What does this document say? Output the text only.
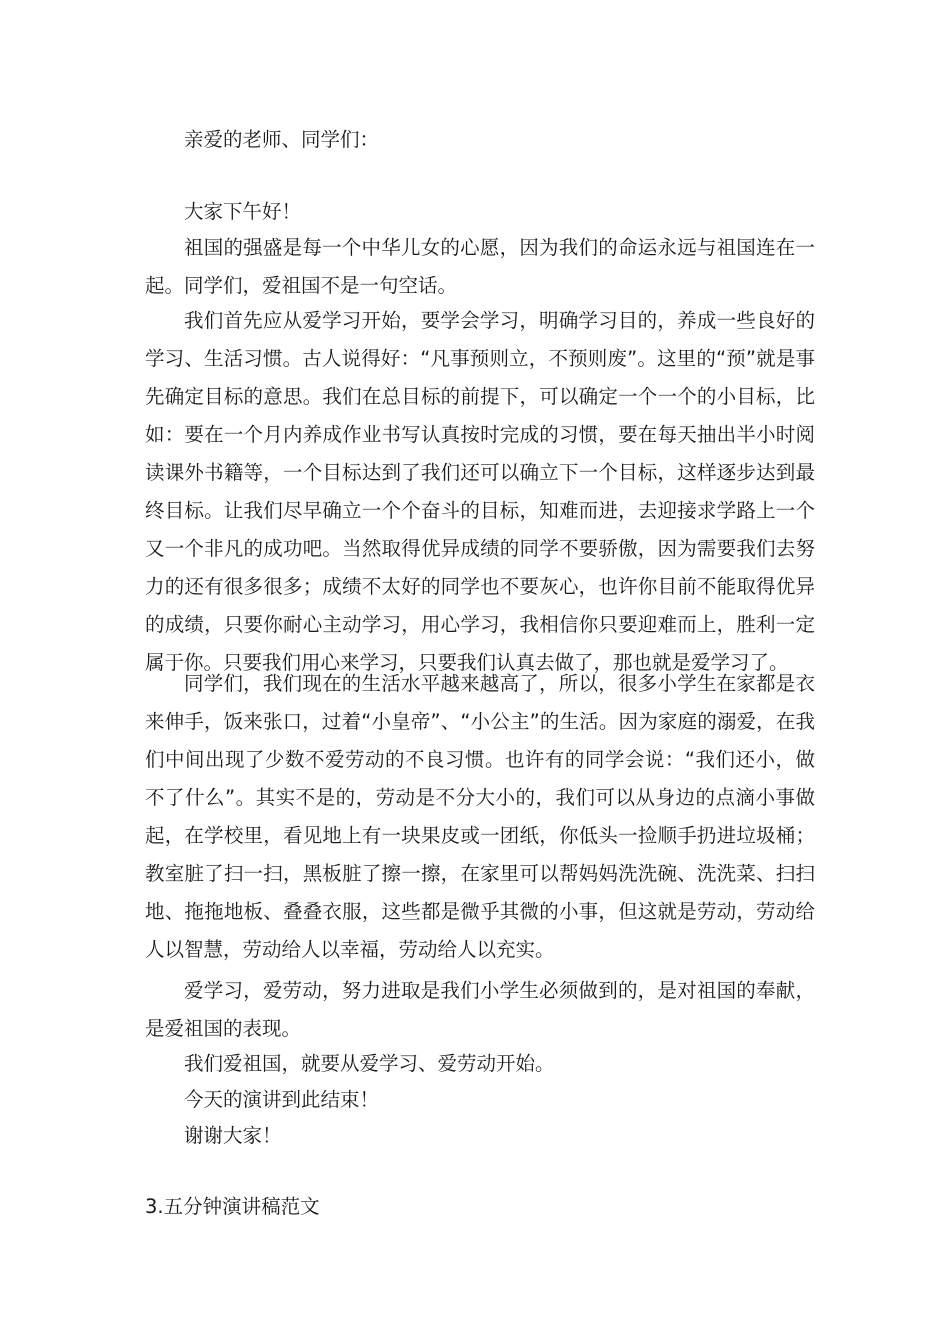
亲爱的老师、同学们：

大家下午好！

祖国的强盛是每一个中华儿女的心愿，因为我们的命运永远与祖国连在一起。同学们，爱祖国不是一句空话。

我们首先应从爱学习开始，要学会学习，明确学习目的，养成一些良好的学习、生活习惯。古人说得好：“凡事预则立，不预则废”。这里的“预”就是事先确定目标的意思。我们在总目标的前提下，可以确定一个一个的小目标，比如：要在一个月内养成作业书写认真按时完成的习惯，要在每天抽出半小时阅读课外书籍等，一个目标达到了我们还可以确立下一个目标，这样逐步达到最终目标。让我们尽早确立一个个奋斗的目标，知难而进，去迎接求学路上一个又一个非凡的成功吧。当然取得优异成绩的同学不要骄傲，因为需要我们去努力的还有很多很多；成绩不太好的同学也不要灰心，也许你目前不能取得优异的成绩，只要你耐心主动学习，用心学习，我相信你只要迎难而上，胜利一定属于你。只要我们用心来学习，只要我们认真去做了，那也就是爱学习了。

同学们，我们现在的生活水平越来越高了，所以，很多小学生在家都是衣来伸手，饭来张口，过着“小皇帝”、“小公主”的生活。因为家庭的溺爱，在我们中间出现了少数不爱劳动的不良习惯。也许有的同学会说：“我们还小，做不了什么”。其实不是的，劳动是不分大小的，我们可以从身边的点滴小事做起，在学校里，看见地上有一块果皮或一团纸，你低头一捡顺手扔进垃圾桶；教室脏了扫一扫，黑板脏了擦一擦，在家里可以帮妈妈洗洗碗、洗洗菜、扫扫地、拖拖地板、叠叠衣服，这些都是微乎其微的小事，但这就是劳动，劳动给人以智慧，劳动给人以幸福，劳动给人以充实。

爱学习，爱劳动，努力进取是我们小学生必须做到的，是对祖国的奉献，是爱祖国的表现。

我们爱祖国，就要从爱学习、爱劳动开始。

今天的演讲到此结束！

谢谢大家！

3.五分钟演讲稿范文
